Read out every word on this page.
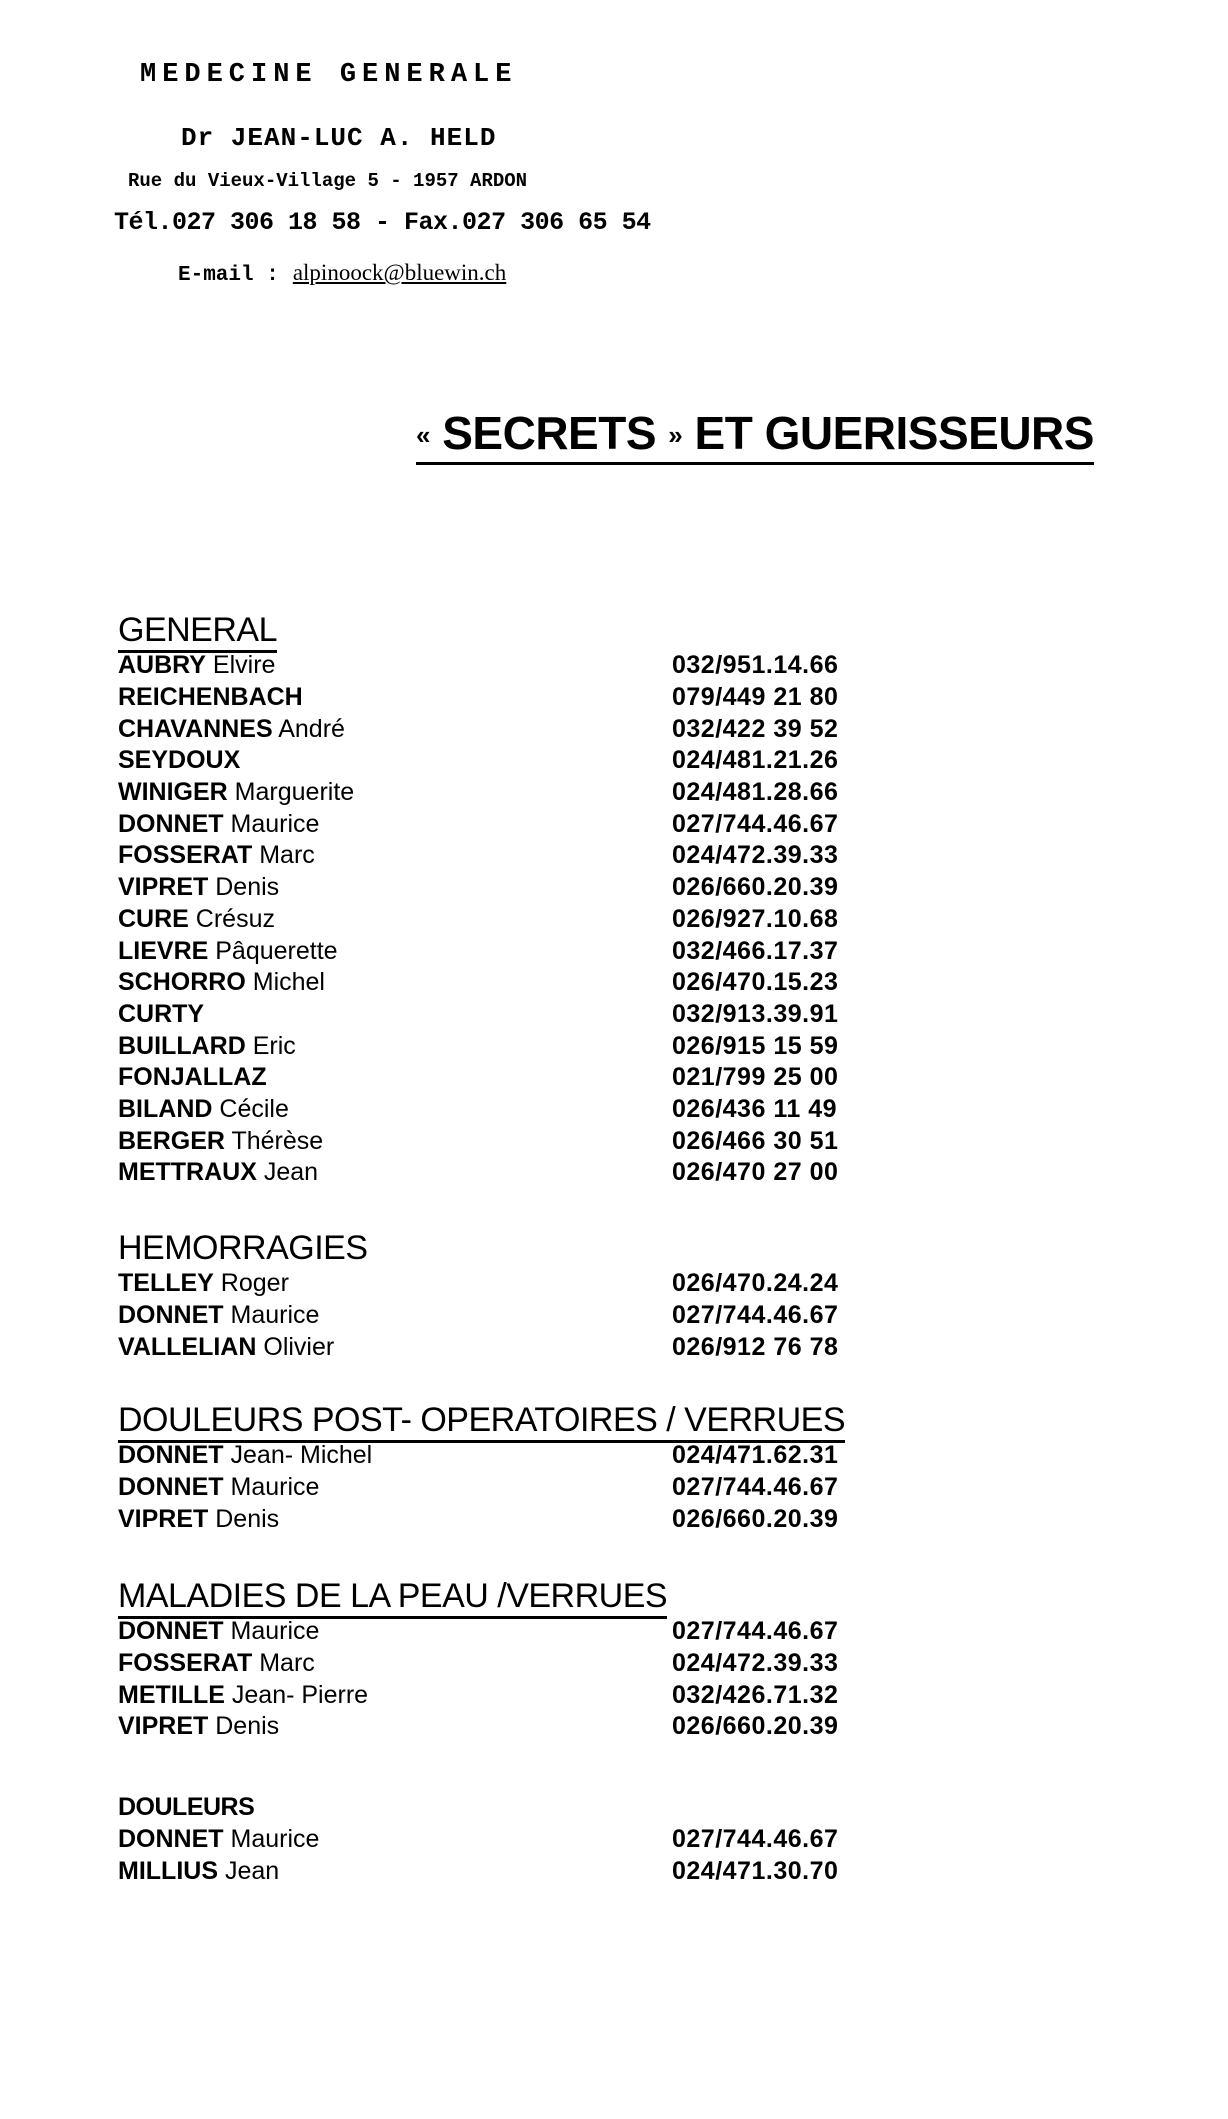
MEDECINE GENERALE
Dr JEAN-LUC A. HELD
Rue du Vieux-Village 5 - 1957 ARDON
Tél.027 306 18 58 - Fax.027 306 65 54
E-mail : alpinoock@bluewin.ch
« SECRETS » ET GUERISSEURS
GENERAL
AUBRY Elvire	032/951.14.66
REICHENBACH	079/449 21 80
CHAVANNES André	032/422 39 52
SEYDOUX	024/481.21.26
WINIGER Marguerite	024/481.28.66
DONNET Maurice	027/744.46.67
FOSSERAT Marc	024/472.39.33
VIPRET Denis	026/660.20.39
CURE Crésuz	026/927.10.68
LIEVRE Pâquerette	032/466.17.37
SCHORRO Michel	026/470.15.23
CURTY	032/913.39.91
BUILLARD Eric	026/915 15 59
FONJALLAZ	021/799 25 00
BILAND Cécile	026/436 11 49
BERGER Thérèse	026/466 30 51
METTRAUX Jean	026/470 27 00
HEMORRAGIES
TELLEY Roger	026/470.24.24
DONNET Maurice	027/744.46.67
VALLELIAN Olivier	026/912 76 78
DOULEURS POST- OPERATOIRES / VERRUES
DONNET Jean- Michel	024/471.62.31
DONNET Maurice	027/744.46.67
VIPRET Denis	026/660.20.39
MALADIES DE LA PEAU /VERRUES
DONNET Maurice	027/744.46.67
FOSSERAT Marc	024/472.39.33
METILLE Jean- Pierre	032/426.71.32
VIPRET Denis	026/660.20.39
DOULEURS
DONNET Maurice	027/744.46.67
MILLIUS Jean	024/471.30.70
